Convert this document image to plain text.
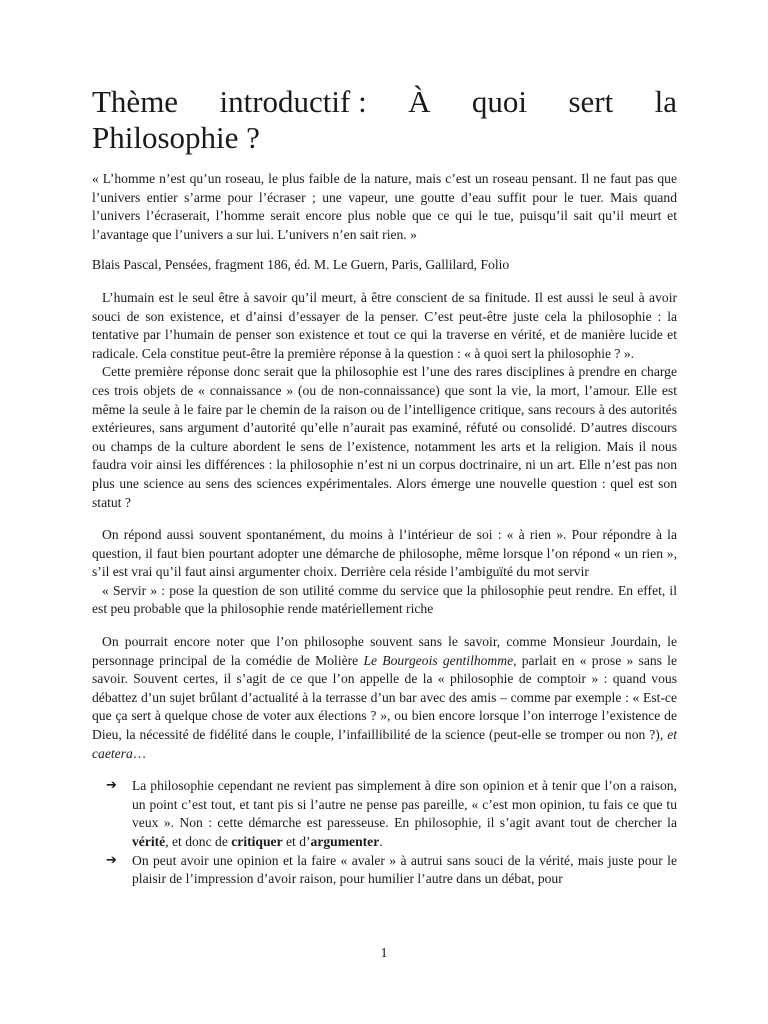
Thème introductif : À quoi sert la
Philosophie ?

« L’homme n’est qu’un roseau, le plus faible de la nature, mais c’est un roseau pensant. Il ne faut pas que l’univers entier s’arme pour l’écraser ; une vapeur, une goutte d’eau suffit pour le tuer. Mais quand l’univers l’écraserait, l’homme serait encore plus noble que ce qui le tue, puisqu’il sait qu’il meurt et l’avantage que l’univers a sur lui. L’univers n’en sait rien. »

Blais Pascal, Pensées, fragment 186, éd. M. Le Guern, Paris, Gallilard, Folio

L’humain est le seul être à savoir qu’il meurt, à être conscient de sa finitude. Il est aussi le seul à avoir souci de son existence, et d’ainsi d’essayer de la penser. C’est peut-être juste cela la philosophie : la tentative par l’humain de penser son existence et tout ce qui la traverse en vérité, et de manière lucide et radicale. Cela constitue peut-être la première réponse à la question : « à quoi sert la philosophie ? ».

Cette première réponse donc serait que la philosophie est l’une des rares disciplines à prendre en charge ces trois objets de « connaissance » (ou de non-connaissance) que sont la vie, la mort, l’amour. Elle est même la seule à le faire par le chemin de la raison ou de l’intelligence critique, sans recours à des autorités extérieures, sans argument d’autorité qu’elle n’aurait pas examiné, réfuté ou consolidé. D’autres discours ou champs de la culture abordent le sens de l’existence, notamment les arts et la religion. Mais il nous faudra voir ainsi les différences : la philosophie n’est ni un corpus doctrinaire, ni un art. Elle n’est pas non plus une science au sens des sciences expérimentales. Alors émerge une nouvelle question : quel est son statut ?

On répond aussi souvent spontanément, du moins à l’intérieur de soi : « à rien ». Pour répondre à la question, il faut bien pourtant adopter une démarche de philosophe, même lorsque l’on répond « un rien », s’il est vrai qu’il faut ainsi argumenter choix. Derrière cela réside l’ambiguïté du mot servir

« Servir » : pose la question de son utilité comme du service que la philosophie peut rendre. En effet, il est peu probable que la philosophie rende matériellement riche

On pourrait encore noter que l’on philosophe souvent sans le savoir, comme Monsieur Jourdain, le personnage principal de la comédie de Molière Le Bourgeois gentilhomme, parlait en « prose » sans le savoir. Souvent certes, il s’agit de ce que l’on appelle de la « philosophie de comptoir » : quand vous débattez d’un sujet brûlant d’actualité à la terrasse d’un bar avec des amis – comme par exemple : « Est-ce que ça sert à quelque chose de voter aux élections ? », ou bien encore lorsque l’on interroge l’existence de Dieu, la nécessité de fidélité dans le couple, l’infaillibilité de la science (peut-elle se tromper ou non ?), et caetera…

➔	La philosophie cependant ne revient pas simplement à dire son opinion et à tenir que l’on a raison, un point c’est tout, et tant pis si l’autre ne pense pas pareille, « c’est mon opinion, tu fais ce que tu veux ». Non : cette démarche est paresseuse. En philosophie, il s’agit avant tout de chercher la vérité, et donc de critiquer et d’argumenter.
➔	On peut avoir une opinion et la faire « avaler » à autrui sans souci de la vérité, mais juste pour le plaisir de l’impression d’avoir raison, pour humilier l’autre dans un débat, pour
1
